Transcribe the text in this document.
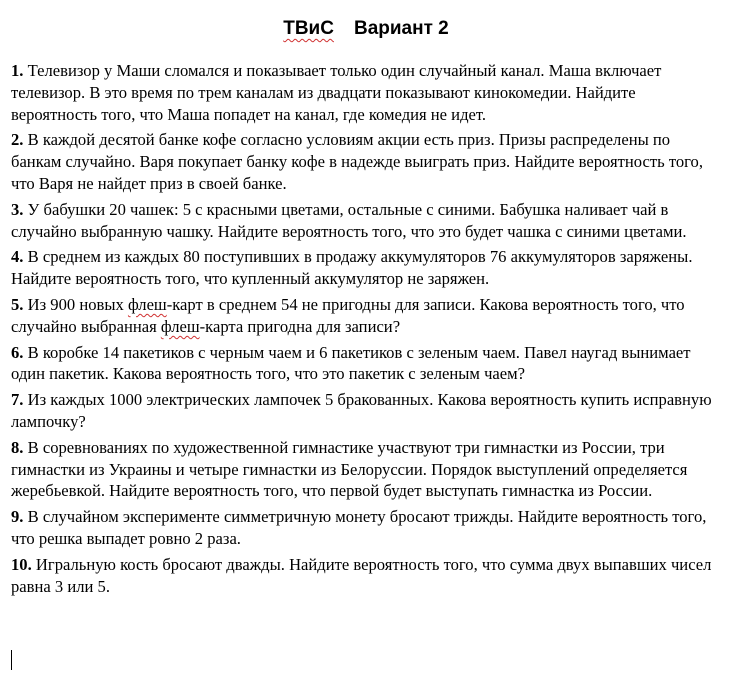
ТВиС Вариант 2

1. Телевизор у Маши сломался и показывает только один случайный канал. Маша включает телевизор. В это время по трем каналам из двадцати показывают кинокомедии. Найдите вероятность того, что Маша попадет на канал, где комедия не идет.

2. В каждой десятой банке кофе согласно условиям акции есть приз. Призы распределены по банкам случайно. Варя покупает банку кофе в надежде выиграть приз. Найдите вероятность того, что Варя не найдет приз в своей банке.

3. У бабушки 20 чашек: 5 с красными цветами, остальные с синими. Бабушка наливает чай в случайно выбранную чашку. Найдите вероятность того, что это будет чашка с синими цветами.

4. В среднем из каждых 80 поступивших в продажу аккумуляторов 76 аккумуляторов заряжены. Найдите вероятность того, что купленный аккумулятор не заряжен.

5. Из 900 новых флеш-карт в среднем 54 не пригодны для записи. Какова вероятность того, что случайно выбранная флеш-карта пригодна для записи?

6. В коробке 14 пакетиков с черным чаем и 6 пакетиков с зеленым чаем. Павел наугад вынимает один пакетик. Какова вероятность того, что это пакетик с зеленым чаем?

7. Из каждых 1000 электрических лампочек 5 бракованных. Какова вероятность купить исправную лампочку?

8. В соревнованиях по художественной гимнастике участвуют три гимнастки из России, три гимнастки из Украины и четыре гимнастки из Белоруссии. Порядок выступлений определяется жеребьевкой. Найдите вероятность того, что первой будет выступать гимнастка из России.

9. В случайном эксперименте симметричную монету бросают трижды. Найдите вероятность того, что решка выпадет ровно 2 раза.

10. Игральную кость бросают дважды. Найдите вероятность того, что сумма двух выпавших чисел равна 3 или 5.
